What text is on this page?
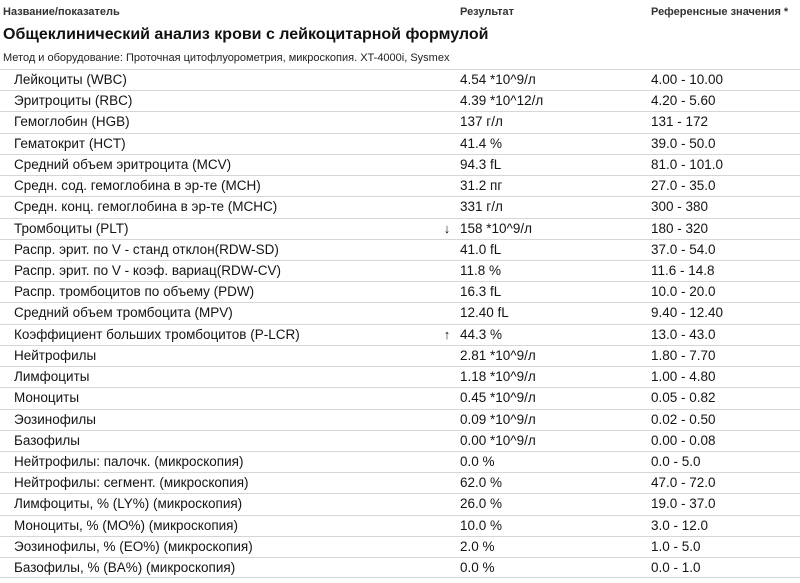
Название/показатель	Результат	Референсные значения *
Общеклинический анализ крови с лейкоцитарной формулой
Метод и оборудование: Проточная цитофлуорометрия, микроскопия. XT-4000i, Sysmex
Лейкоциты (WBC)	4.54 *10^9/л	4.00 - 10.00
Эритроциты (RBC)	4.39 *10^12/л	4.20 - 5.60
Гемоглобин (HGB)	137 г/л	131 - 172
Гематокрит (HCT)	41.4 %	39.0 - 50.0
Средний объем эритроцита (MCV)	94.3 fL	81.0 - 101.0
Средн. сод. гемоглобина в эр-те (MCH)	31.2 пг	27.0 - 35.0
Средн. конц. гемоглобина в эр-те (MCHC)	331 г/л	300 - 380
Тромбоциты (PLT)	↓ 158 *10^9/л	180 - 320
Распр. эрит. по V - станд отклон(RDW-SD)	41.0 fL	37.0 - 54.0
Распр. эрит. по V - коэф. вариац(RDW-CV)	11.8 %	11.6 - 14.8
Распр. тромбоцитов по объему (PDW)	16.3 fL	10.0 - 20.0
Средний объем тромбоцита (MPV)	12.40 fL	9.40 - 12.40
Коэффициент больших тромбоцитов (P-LCR)	↑ 44.3 %	13.0 - 43.0
Нейтрофилы	2.81 *10^9/л	1.80 - 7.70
Лимфоциты	1.18 *10^9/л	1.00 - 4.80
Моноциты	0.45 *10^9/л	0.05 - 0.82
Эозинофилы	0.09 *10^9/л	0.02 - 0.50
Базофилы	0.00 *10^9/л	0.00 - 0.08
Нейтрофилы: палочк. (микроскопия)	0.0 %	0.0 - 5.0
Нейтрофилы: сегмент. (микроскопия)	62.0 %	47.0 - 72.0
Лимфоциты, % (LY%) (микроскопия)	26.0 %	19.0 - 37.0
Моноциты, % (MO%) (микроскопия)	10.0 %	3.0 - 12.0
Эозинофилы, % (EO%) (микроскопия)	2.0 %	1.0 - 5.0
Базофилы, % (BA%) (микроскопия)	0.0 %	0.0 - 1.0
